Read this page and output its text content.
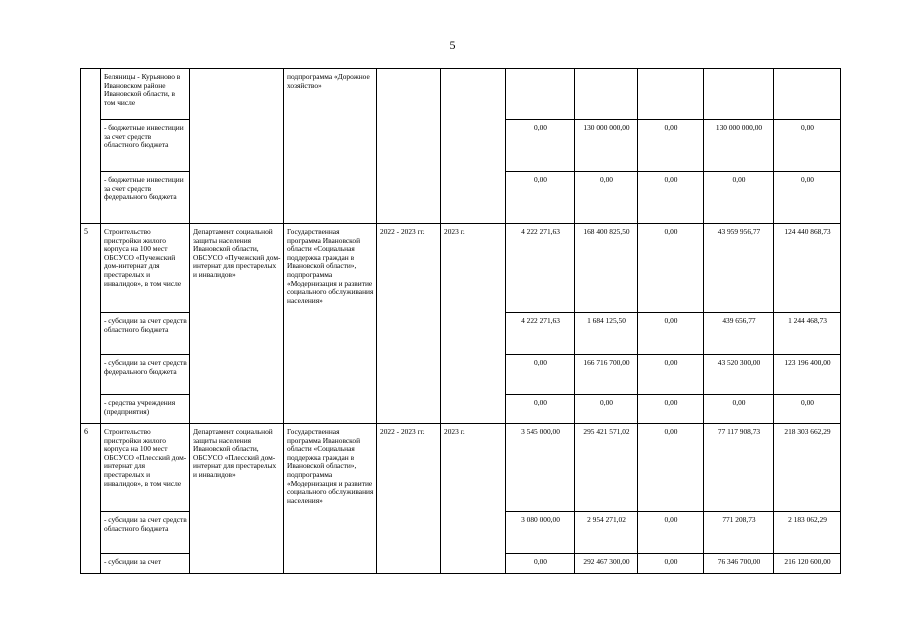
5
	Беляницы - Курьяново в Ивановском районе Ивановской области, в том числе		подпрограмма «Дорожное хозяйство»							
	- бюджетные инвестиции за счет средств областного бюджета					0,00	130 000 000,00	0,00	130 000 000,00	0,00
	- бюджетные инвестиции за счет средств федерального бюджета					0,00	0,00	0,00	0,00	0,00
5	Строительство пристройки жилого корпуса на 100 мест ОБСУСО «Пучежский дом-интернат для престарелых и инвалидов», в том числе	Департамент социальной защиты населения Ивановской области, ОБСУСО «Пучежский дом-интернат для престарелых и инвалидов»	Государственная программа Ивановской области «Социальная поддержка граждан в Ивановской области», подпрограмма «Модернизация и развитие социального обслуживания населения»	2022 - 2023 гг.	2023 г.	4 222 271,63	168 400 825,50	0,00	43 959 956,77	124 440 868,73
	- субсидии за счет средств областного бюджета					4 222 271,63	1 684 125,50	0,00	439 656,77	1 244 468,73
	- субсидии за счет средств федерального бюджета					0,00	166 716 700,00	0,00	43 520 300,00	123 196 400,00
	- средства учреждения (предприятия)					0,00	0,00	0,00	0,00	0,00
6	Строительство пристройки жилого корпуса на 100 мест ОБСУСО «Плесский дом-интернат для престарелых и инвалидов», в том числе	Департамент социальной защиты населения Ивановской области, ОБСУСО «Плесский дом-интернат для престарелых и инвалидов»	Государственная программа Ивановской области «Социальная поддержка граждан в Ивановской области», подпрограмма «Модернизация и развитие социального обслуживания населения»	2022 - 2023 гг.	2023 г.	3 545 000,00	295 421 571,02	0,00	77 117 908,73	218 303 662,29
	- субсидии за счет средств областного бюджета					3 080 000,00	2 954 271,02	0,00	771 208,73	2 183 062,29
	- субсидии за счет					0,00	292 467 300,00	0,00	76 346 700,00	216 120 600,00
